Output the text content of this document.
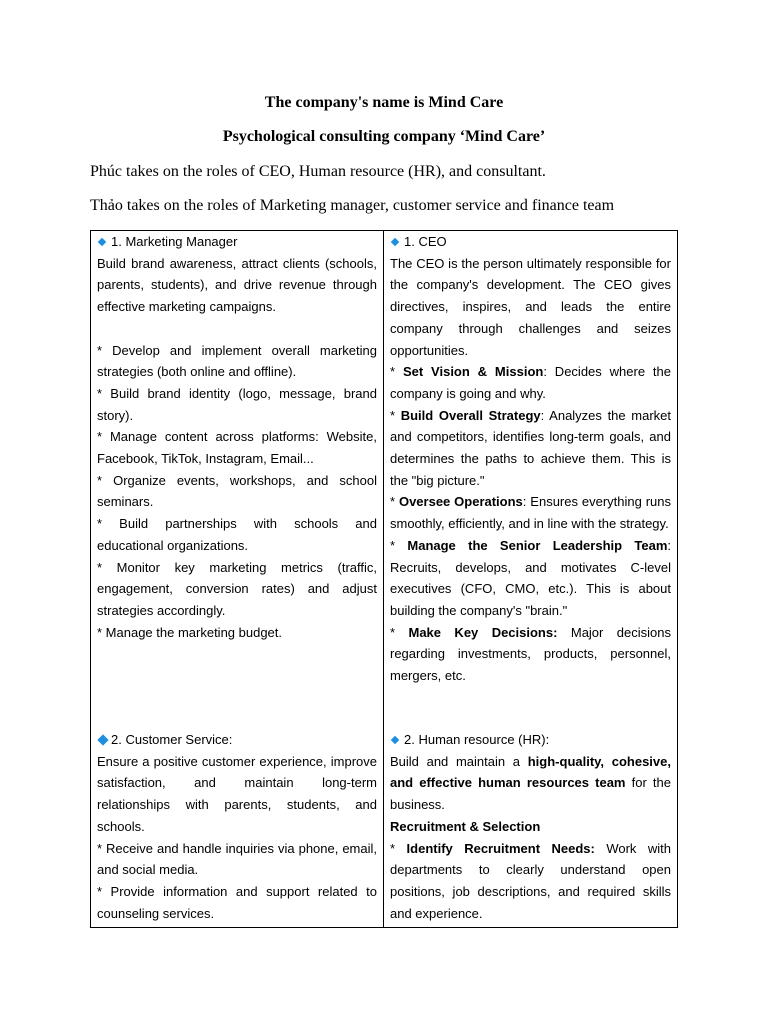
The company's name is Mind Care
Psychological consulting company ‘Mind Care’
Phúc takes on the roles of CEO, Human resource (HR), and consultant.
Thảo takes on the roles of Marketing manager, customer service and finance team
1. Marketing Manager
Build brand awareness, attract clients (schools, parents, students), and drive revenue through effective marketing campaigns.
* Develop and implement overall marketing strategies (both online and offline).
* Build brand identity (logo, message, brand story).
* Manage content across platforms: Website, Facebook, TikTok, Instagram, Email...
* Organize events, workshops, and school seminars.
* Build partnerships with schools and educational organizations.
* Monitor key marketing metrics (traffic, engagement, conversion rates) and adjust strategies accordingly.
* Manage the marketing budget.
2. Customer Service:
Ensure a positive customer experience, improve satisfaction, and maintain long-term relationships with parents, students, and schools.
* Receive and handle inquiries via phone, email, and social media.
* Provide information and support related to counseling services.
1. CEO
The CEO is the person ultimately responsible for the company's development. The CEO gives directives, inspires, and leads the entire company through challenges and seizes opportunities.
* Set Vision & Mission: Decides where the company is going and why.
* Build Overall Strategy: Analyzes the market and competitors, identifies long-term goals, and determines the paths to achieve them. This is the "big picture."
* Oversee Operations: Ensures everything runs smoothly, efficiently, and in line with the strategy.
* Manage the Senior Leadership Team: Recruits, develops, and motivates C-level executives (CFO, CMO, etc.). This is about building the company's "brain."
* Make Key Decisions: Major decisions regarding investments, products, personnel, mergers, etc.
2. Human resource (HR):
Build and maintain a high-quality, cohesive, and effective human resources team for the business.
Recruitment & Selection
* Identify Recruitment Needs: Work with departments to clearly understand open positions, job descriptions, and required skills and experience.
